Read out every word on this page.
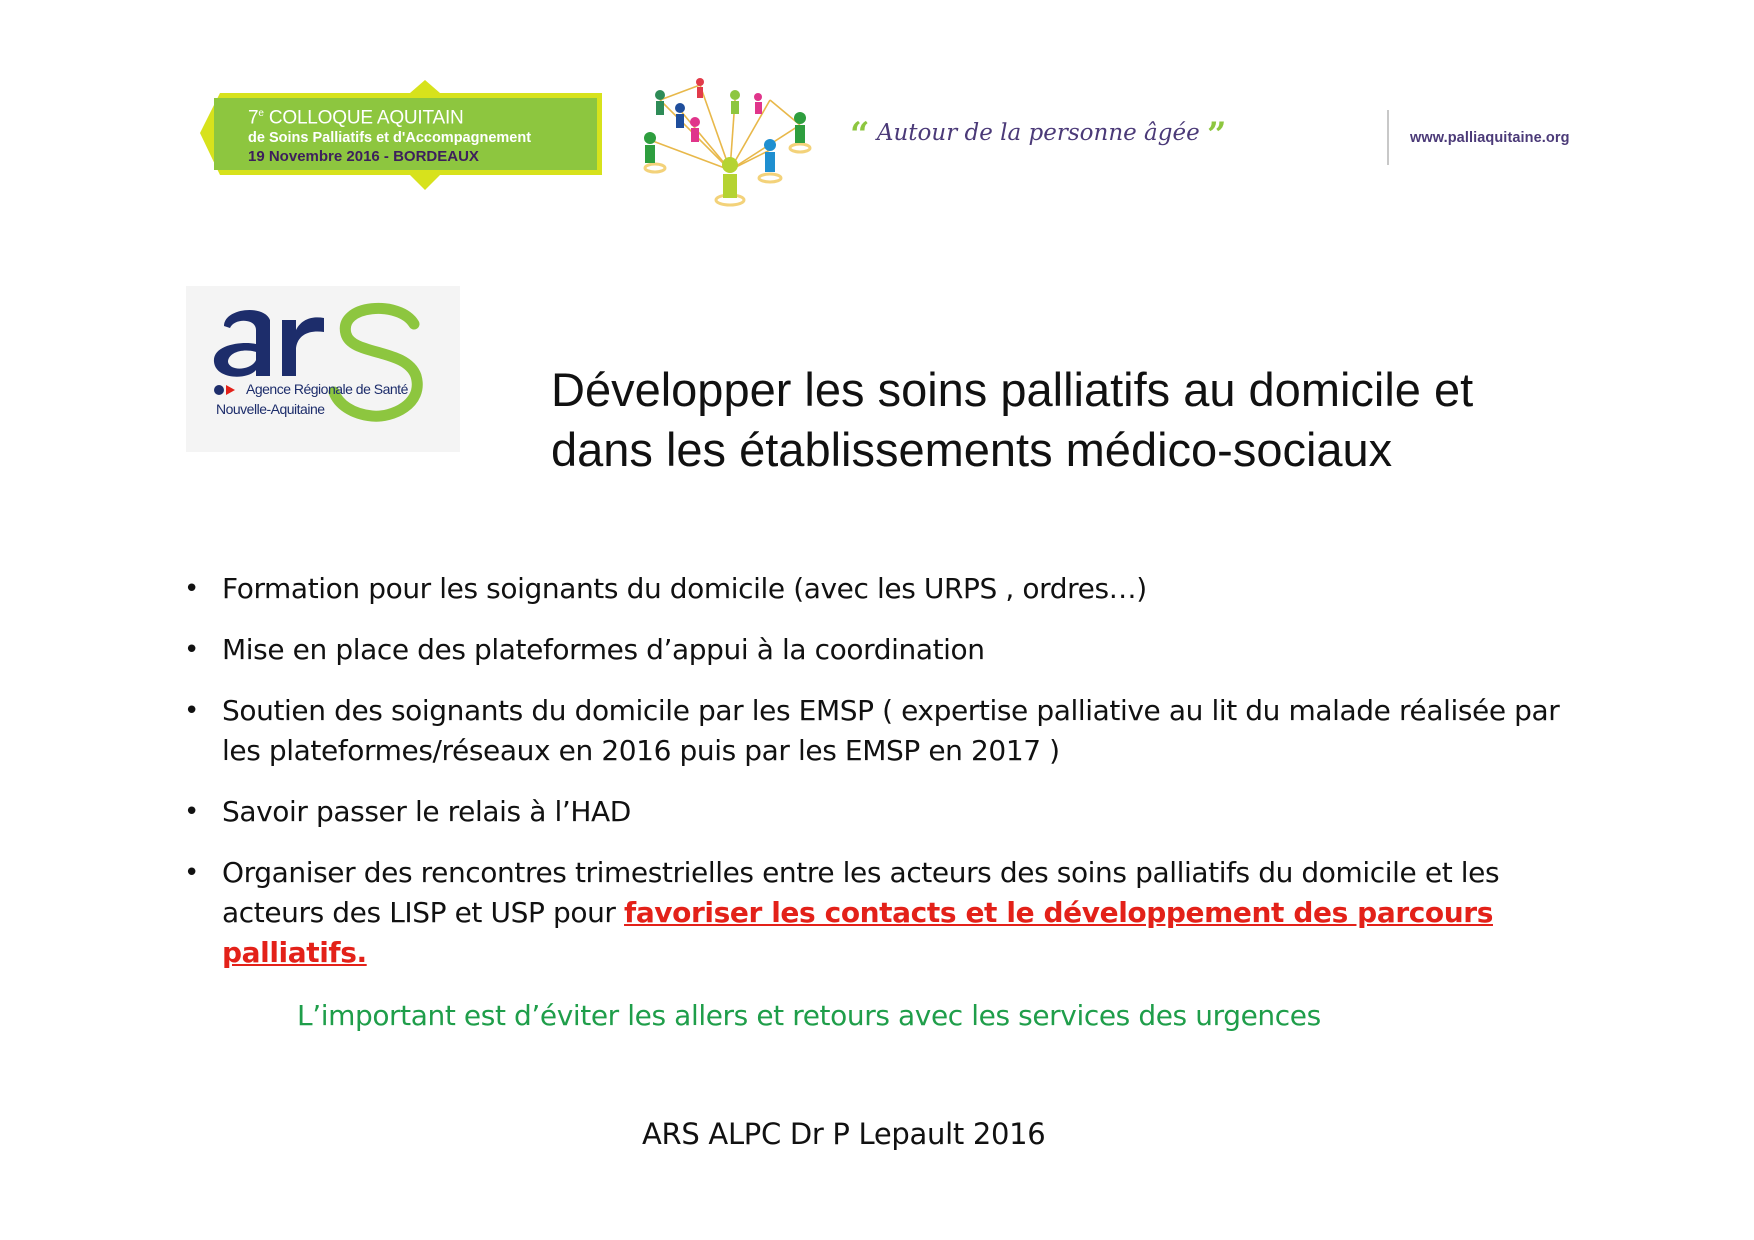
7e COLLOQUE AQUITAIN
de Soins Palliatifs et d'Accompagnement
19 Novembre 2016 - BORDEAUX
“ Autour de la personne âgée ”	www.palliaquitaine.org
Agence Régionale de Santé
Nouvelle-Aquitaine	Développer les soins palliatifs au domicile et
dans les établissements médico-sociaux
• Formation pour les soignants du domicile (avec les URPS , ordres…)
• Mise en place des plateformes d’appui à la coordination
• Soutien des soignants du domicile par les EMSP ( expertise palliative au lit du malade réalisée par les plateformes/réseaux en 2016 puis par les EMSP en 2017 )
• Savoir passer le relais à l’HAD
• Organiser des rencontres trimestrielles entre les acteurs des soins palliatifs du domicile et les acteurs des LISP et USP pour favoriser les contacts et le développement des parcours palliatifs.
L’important est d’éviter les allers et retours avec les services des urgences
ARS ALPC Dr P Lepault 2016
